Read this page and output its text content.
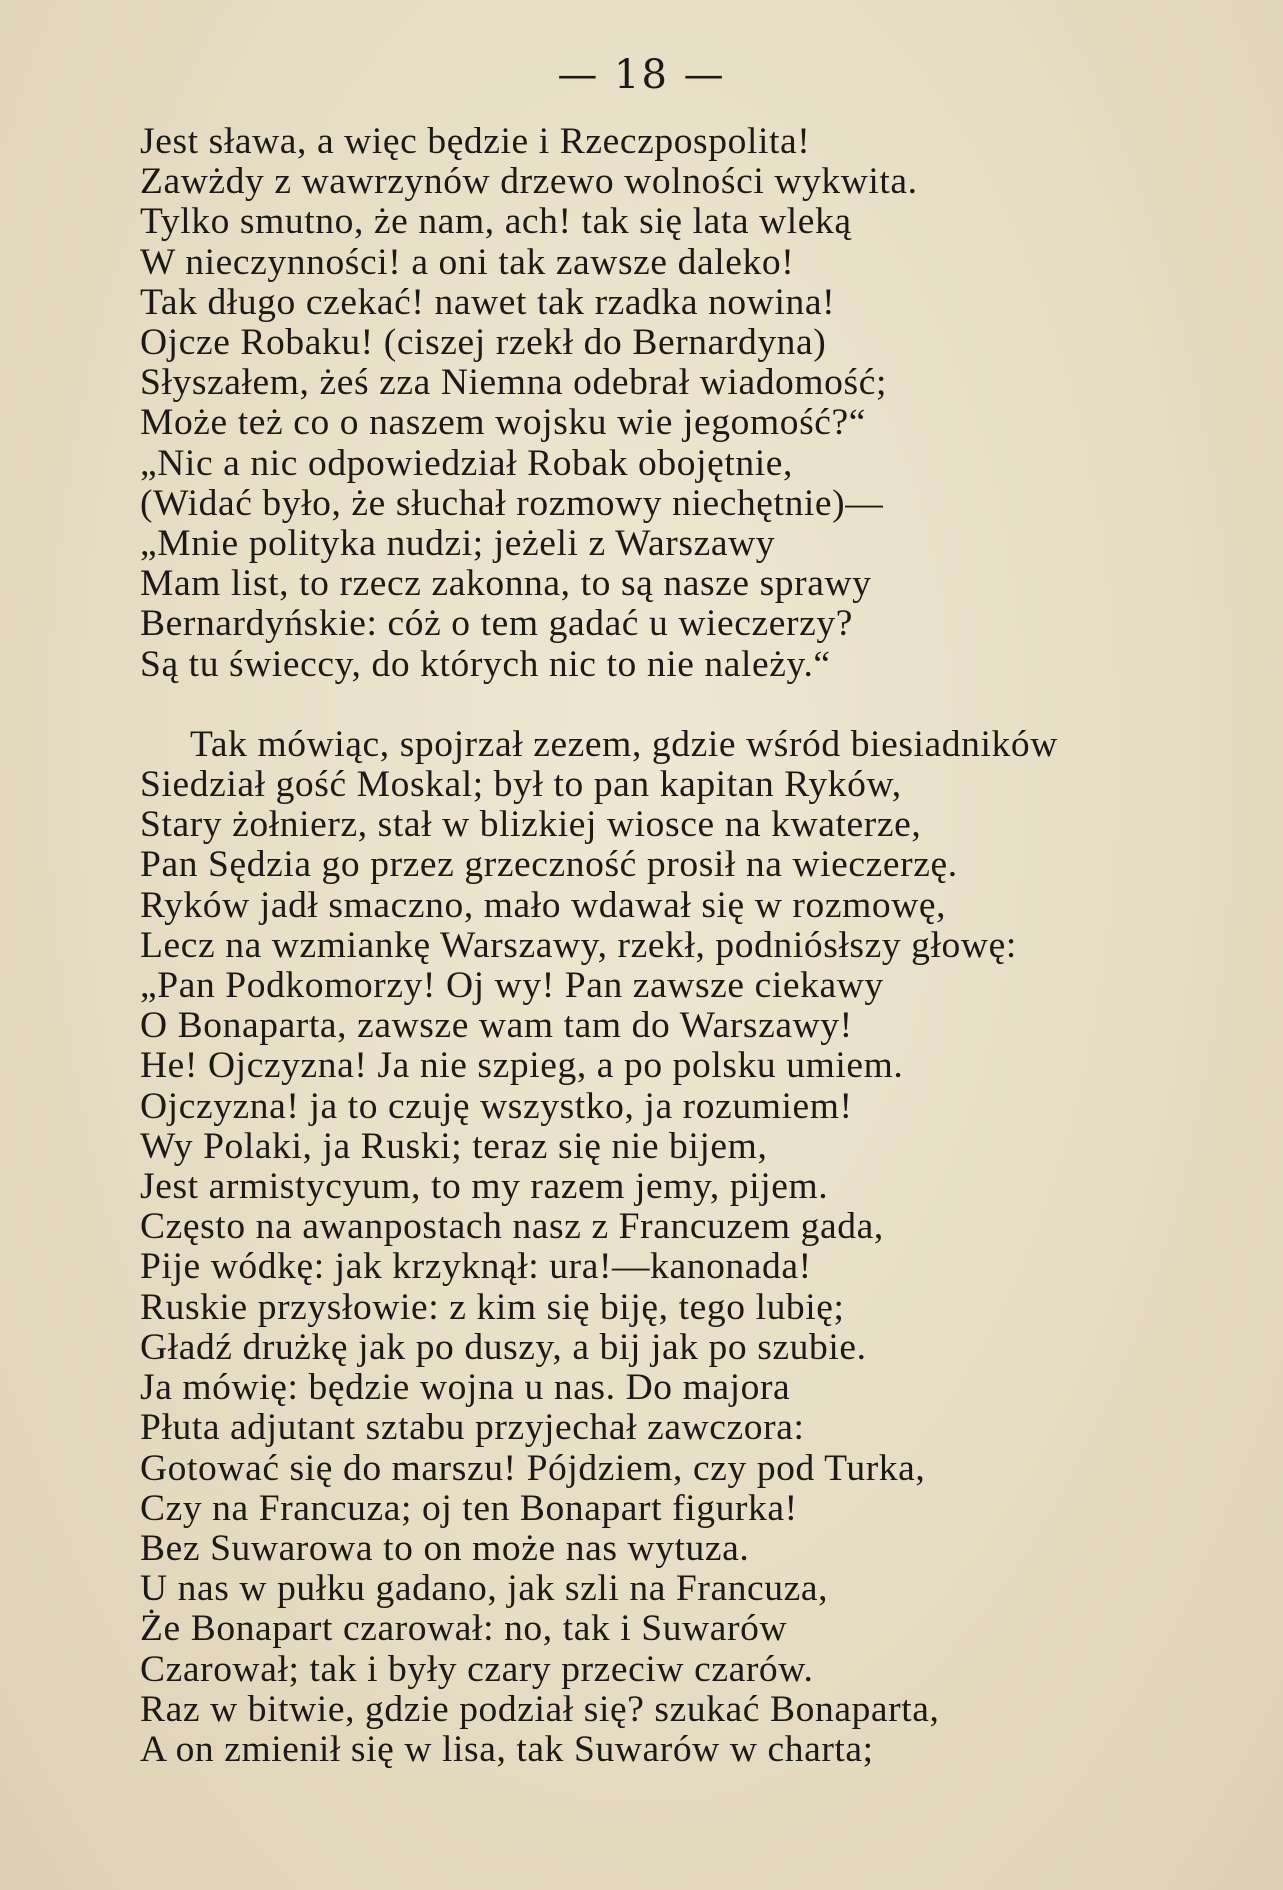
— 18 —
Jest sława, a więc będzie i Rzeczpospolita!
Zawżdy z wawrzynów drzewo wolności wykwita.
Tylko smutno, że nam, ach! tak się lata wleką
W nieczynności! a oni tak zawsze daleko!
Tak długo czekać! nawet tak rzadka nowina!
Ojcze Robaku! (ciszej rzekł do Bernardyna)
Słyszałem, żeś zza Niemna odebrał wiadomość;
Może też co o naszem wojsku wie jegomość?“
„Nic a nic odpowiedział Robak obojętnie,
(Widać było, że słuchał rozmowy niechętnie)—
„Mnie polityka nudzi; jeżeli z Warszawy
Mam list, to rzecz zakonna, to są nasze sprawy
Bernardyńskie: cóż o tem gadać u wieczerzy?
Są tu świeccy, do których nic to nie należy.“
Tak mówiąc, spojrzał zezem, gdzie wśród biesiadników
Siedział gość Moskal; był to pan kapitan Ryków,
Stary żołnierz, stał w blizkiej wiosce na kwaterze,
Pan Sędzia go przez grzeczność prosił na wieczerzę.
Ryków jadł smaczno, mało wdawał się w rozmowę,
Lecz na wzmiankę Warszawy, rzekł, podniósłszy głowę:
„Pan Podkomorzy! Oj wy! Pan zawsze ciekawy
O Bonaparta, zawsze wam tam do Warszawy!
He! Ojczyzna! Ja nie szpieg, a po polsku umiem.
Ojczyzna! ja to czuję wszystko, ja rozumiem!
Wy Polaki, ja Ruski; teraz się nie bijem,
Jest armistycyum, to my razem jemy, pijem.
Często na awanpostach nasz z Francuzem gada,
Pije wódkę: jak krzyknął: ura!—kanonada!
Ruskie przysłowie: z kim się biję, tego lubię;
Gładź drużkę jak po duszy, a bij jak po szubie.
Ja mówię: będzie wojna u nas. Do majora
Płuta adjutant sztabu przyjechał zawczora:
Gotować się do marszu! Pójdziem, czy pod Turka,
Czy na Francuza; oj ten Bonapart figurka!
Bez Suwarowa to on może nas wytuza.
U nas w pułku gadano, jak szli na Francuza,
Że Bonapart czarował: no, tak i Suwarów
Czarował; tak i były czary przeciw czarów.
Raz w bitwie, gdzie podział się? szukać Bonaparta,
A on zmienił się w lisa, tak Suwarów w charta;
